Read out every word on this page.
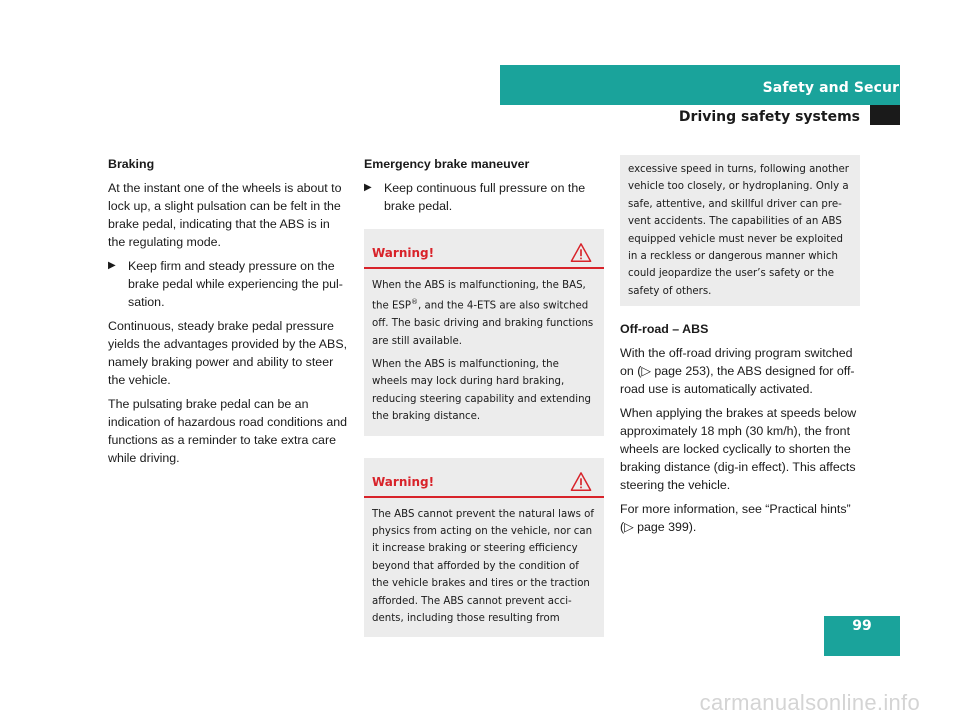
Safety and Security
Driving safety systems
Braking
At the instant one of the wheels is about to lock up, a slight pulsation can be felt in the brake pedal, indicating that the ABS is in the regulating mode.
▶ Keep firm and steady pressure on the brake pedal while experiencing the pulsation.
Continuous, steady brake pedal pressure yields the advantages provided by the ABS, namely braking power and ability to steer the vehicle.
The pulsating brake pedal can be an indication of hazardous road conditions and functions as a reminder to take extra care while driving.
Emergency brake maneuver
▶ Keep continuous full pressure on the brake pedal.
Warning!

When the ABS is malfunctioning, the BAS, the ESP®, and the 4-ETS are also switched off. The basic driving and braking functions are still available.

When the ABS is malfunctioning, the wheels may lock during hard braking, reducing steering capability and extending the braking distance.

Warning!

The ABS cannot prevent the natural laws of physics from acting on the vehicle, nor can it increase braking or steering efficiency beyond that afforded by the condition of the vehicle brakes and tires or the traction afforded. The ABS cannot prevent accidents, including those resulting from

excessive speed in turns, following another vehicle too closely, or hydroplaning. Only a safe, attentive, and skillful driver can prevent accidents. The capabilities of an ABS equipped vehicle must never be exploited in a reckless or dangerous manner which could jeopardize the user’s safety or the safety of others.
Off-road – ABS
With the off-road driving program switched on (▷ page 253), the ABS designed for off-road use is automatically activated.
When applying the brakes at speeds below approximately 18 mph (30 km/h), the front wheels are locked cyclically to shorten the braking distance (dig-in effect). This affects steering the vehicle.
For more information, see “Practical hints” (▷ page 399).
99
carmanualsonline.info
